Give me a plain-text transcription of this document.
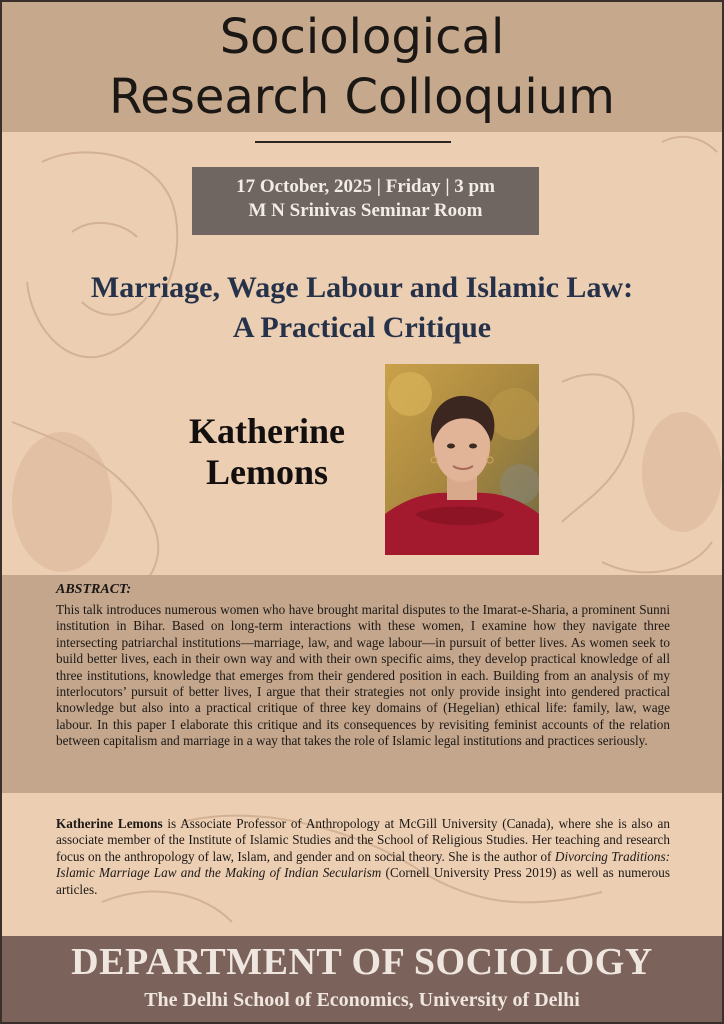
Sociological
Research Colloquium
17 October, 2025 | Friday | 3 pm
M N Srinivas Seminar Room
Marriage, Wage Labour and Islamic Law:
A Practical Critique
Katherine
Lemons
ABSTRACT:
This talk introduces numerous women who have brought marital disputes to the Imarat-e-Sharia, a prominent Sunni institution in Bihar. Based on long-term interactions with these women, I examine how they navigate three intersecting patriarchal institutions—marriage, law, and wage labour—in pursuit of better lives. As women seek to build better lives, each in their own way and with their own specific aims, they develop practical knowledge of all three institutions, knowledge that emerges from their gendered position in each. Building from an analysis of my interlocutors’ pursuit of better lives, I argue that their strategies not only provide insight into gendered practical knowledge but also into a practical critique of three key domains of (Hegelian) ethical life: family, law, wage labour. In this paper I elaborate this critique and its consequences by revisiting feminist accounts of the relation between capitalism and marriage in a way that takes the role of Islamic legal institutions and practices seriously.
Katherine Lemons is Associate Professor of Anthropology at McGill University (Canada), where she is also an associate member of the Institute of Islamic Studies and the School of Religious Studies. Her teaching and research focus on the anthropology of law, Islam, and gender and on social theory. She is the author of Divorcing Traditions: Islamic Marriage Law and the Making of Indian Secularism (Cornell University Press 2019) as well as numerous articles.
DEPARTMENT OF SOCIOLOGY
The Delhi School of Economics, University of Delhi
